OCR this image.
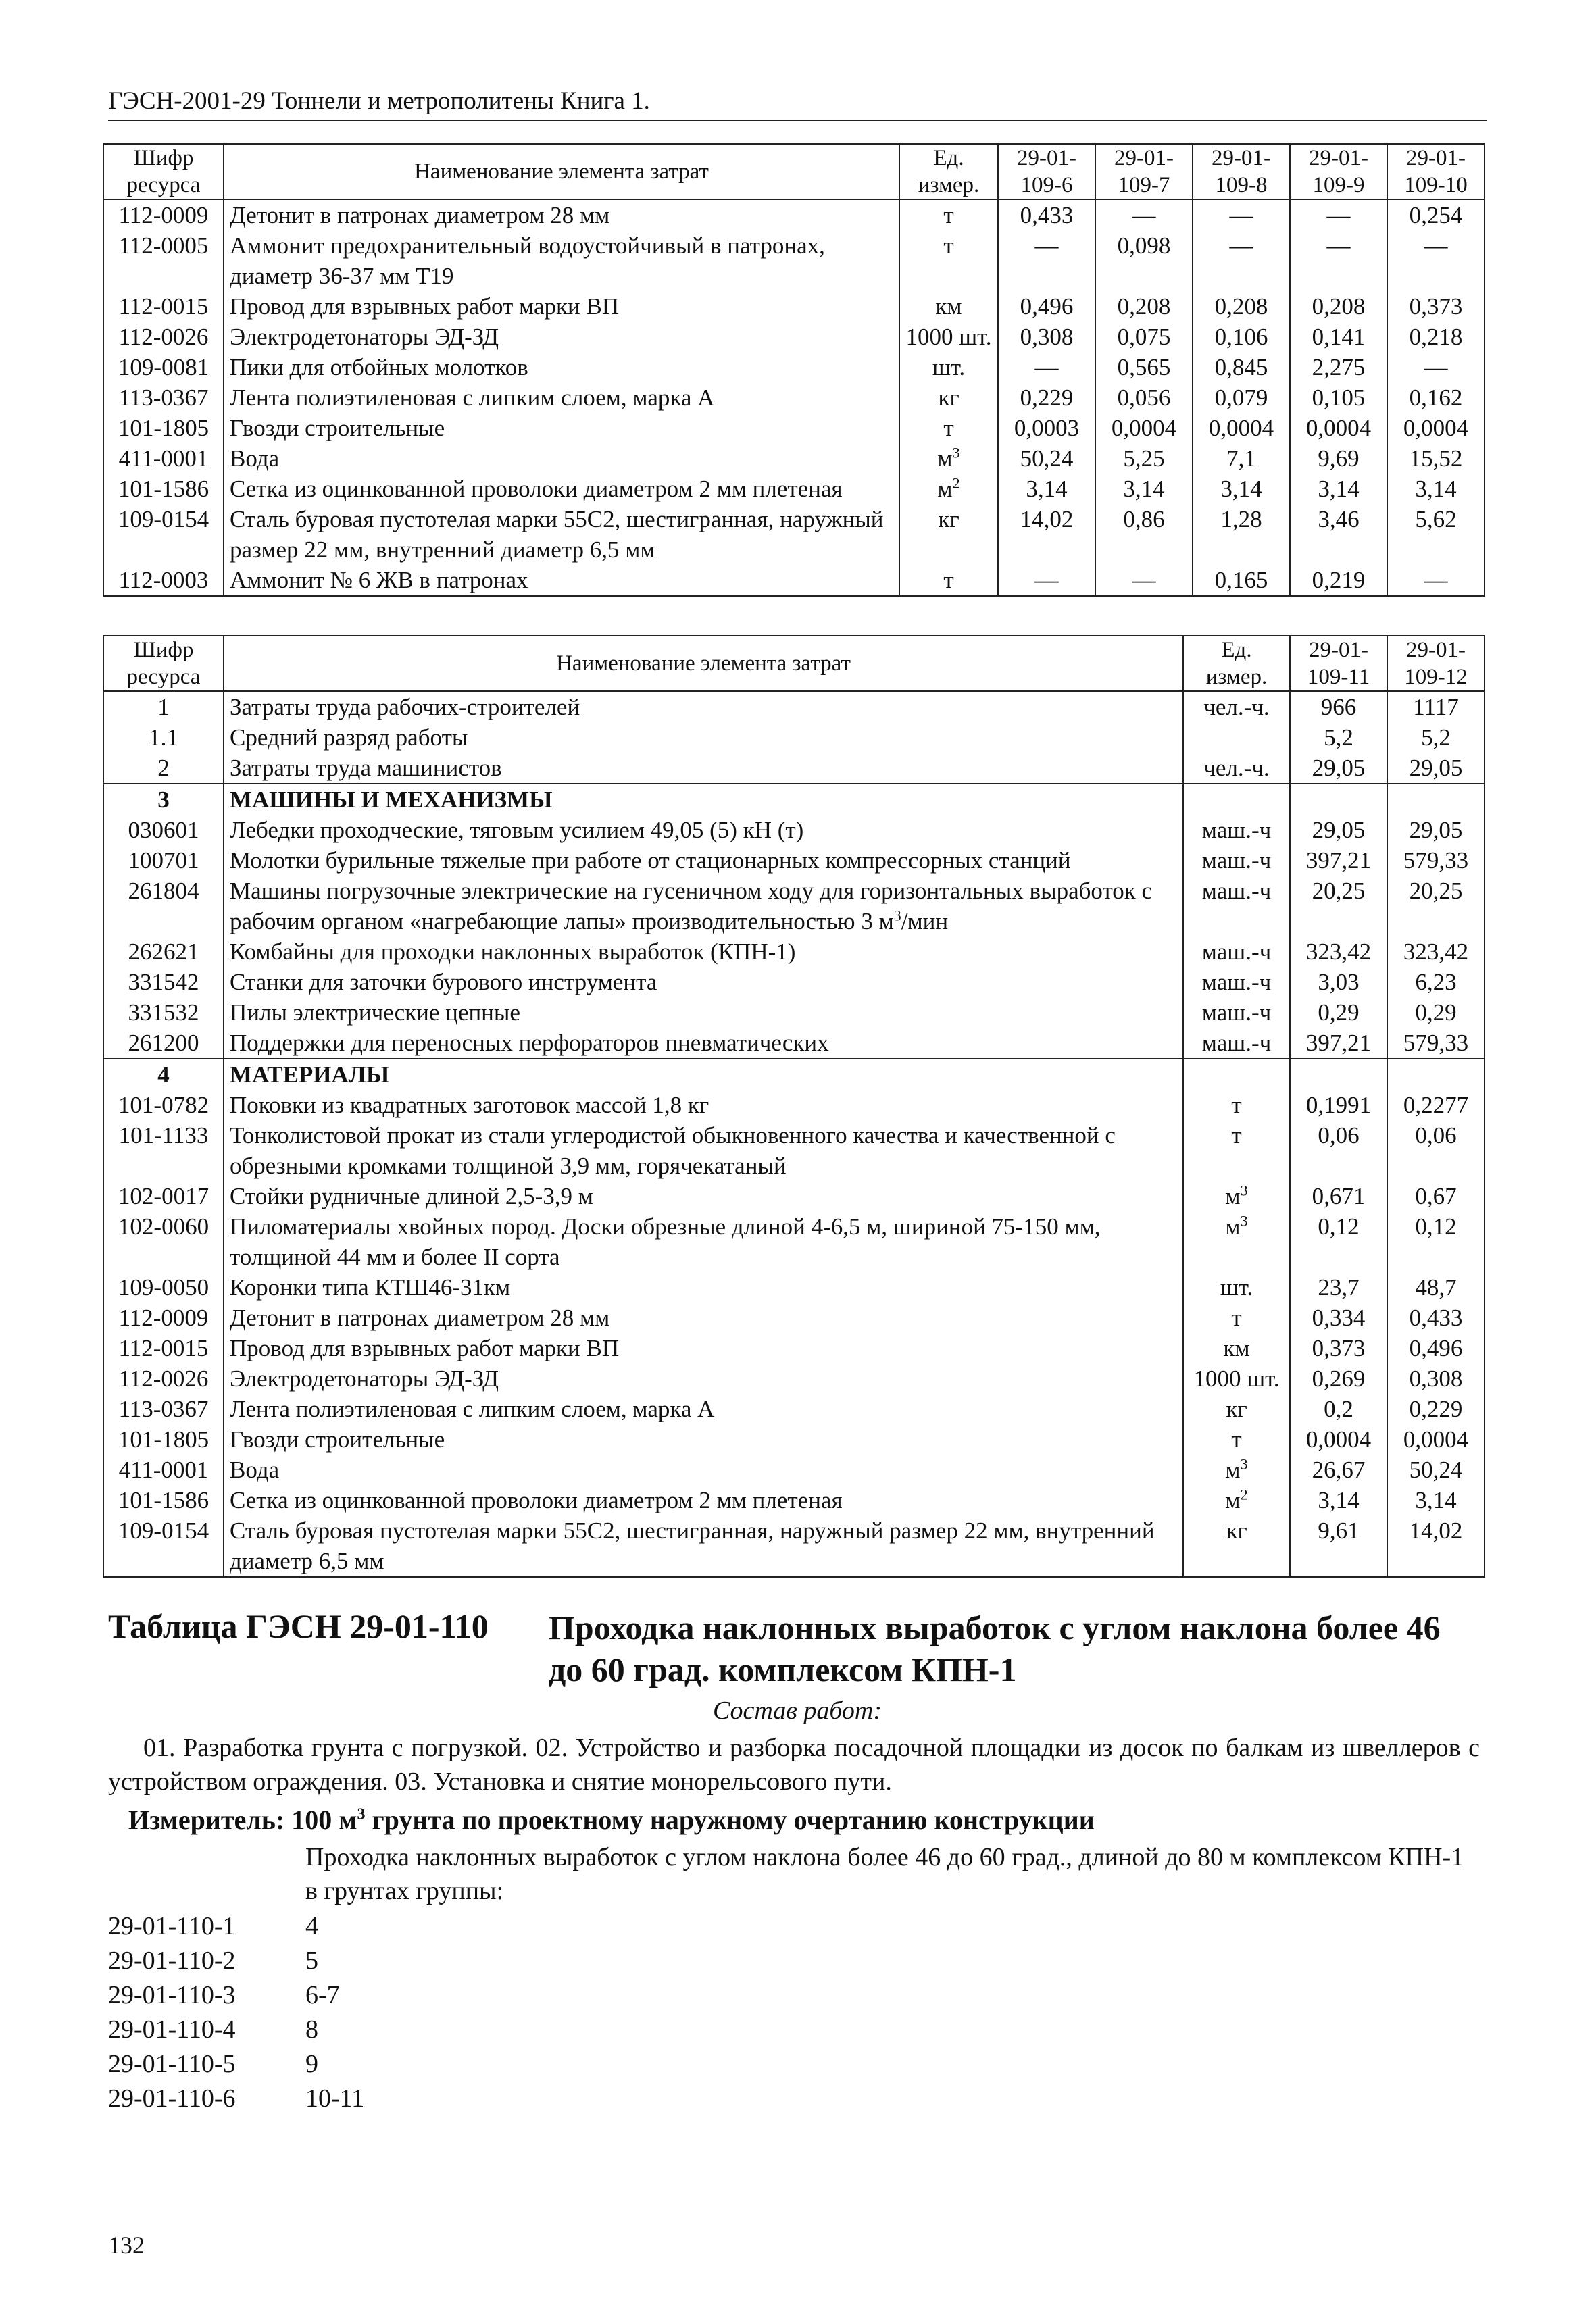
ГЭСН-2001-29 Тоннели и метрополитены Книга 1.
Шифр ресурса	Наименование элемента затрат	Ед. измер.	29-01-109-6	29-01-109-7	29-01-109-8	29-01-109-9	29-01-109-10
112-0009	Детонит в патронах диаметром 28 мм	т	0,433	—	—	—	0,254
112-0005	Аммонит предохранительный водоустойчивый в патронах, диаметр 36-37 мм Т19	т	—	0,098	—	—	—
112-0015	Провод для взрывных работ марки ВП	км	0,496	0,208	0,208	0,208	0,373
112-0026	Электродетонаторы ЭД-ЗД	1000 шт.	0,308	0,075	0,106	0,141	0,218
109-0081	Пики для отбойных молотков	шт.	—	0,565	0,845	2,275	—
113-0367	Лента полиэтиленовая с липким слоем, марка А	кг	0,229	0,056	0,079	0,105	0,162
101-1805	Гвозди строительные	т	0,0003	0,0004	0,0004	0,0004	0,0004
411-0001	Вода	$м^3$	50,24	5,25	7,1	9,69	15,52
101-1586	Сетка из оцинкованной проволоки диаметром 2 мм плетеная	$м^2$	3,14	3,14	3,14	3,14	3,14
109-0154	Сталь буровая пустотелая марки 55С2, шестигранная, наружный размер 22 мм, внутренний диаметр 6,5 мм	кг	14,02	0,86	1,28	3,46	5,62
112-0003	Аммонит № 6 ЖВ в патронах	т	—	—	0,165	0,219	—
Шифр ресурса	Наименование элемента затрат	Ед. измер.	29-01-109-11	29-01-109-12
1	Затраты труда рабочих-строителей	чел.-ч.	966	1117
1.1	Средний разряд работы		5,2	5,2
2	Затраты труда машинистов	чел.-ч.	29,05	29,05
3	МАШИНЫ И МЕХАНИЗМЫ			
030601	Лебедки проходческие, тяговым усилием 49,05 (5) кН (т)	маш.-ч	29,05	29,05
100701	Молотки бурильные тяжелые при работе от стационарных компрессорных станций	маш.-ч	397,21	579,33
261804	Машины погрузочные электрические на гусеничном ходу для горизонтальных выработок с рабочим органом «нагребающие лапы» производительностью 3 $м^3$/мин	маш.-ч	20,25	20,25
262621	Комбайны для проходки наклонных выработок (КПН-1)	маш.-ч	323,42	323,42
331542	Станки для заточки бурового инструмента	маш.-ч	3,03	6,23
331532	Пилы электрические цепные	маш.-ч	0,29	0,29
261200	Поддержки для переносных перфораторов пневматических	маш.-ч	397,21	579,33
4	МАТЕРИАЛЫ			
101-0782	Поковки из квадратных заготовок массой 1,8 кг	т	0,1991	0,2277
101-1133	Тонколистовой прокат из стали углеродистой обыкновенного качества и качественной с обрезными кромками толщиной 3,9 мм, горячекатаный	т	0,06	0,06
102-0017	Стойки рудничные длиной 2,5-3,9 м	$м^3$	0,671	0,67
102-0060	Пиломатериалы хвойных пород. Доски обрезные длиной 4-6,5 м, шириной 75-150 мм, толщиной 44 мм и более II сорта	$м^3$	0,12	0,12
109-0050	Коронки типа КТШ46-31км	шт.	23,7	48,7
112-0009	Детонит в патронах диаметром 28 мм	т	0,334	0,433
112-0015	Провод для взрывных работ марки ВП	км	0,373	0,496
112-0026	Электродетонаторы ЭД-ЗД	1000 шт.	0,269	0,308
113-0367	Лента полиэтиленовая с липким слоем, марка А	кг	0,2	0,229
101-1805	Гвозди строительные	т	0,0004	0,0004
411-0001	Вода	$м^3$	26,67	50,24
101-1586	Сетка из оцинкованной проволоки диаметром 2 мм плетеная	$м^2$	3,14	3,14
109-0154	Сталь буровая пустотелая марки 55С2, шестигранная, наружный размер 22 мм, внутренний диаметр 6,5 мм	кг	9,61	14,02
Таблица ГЭСН 29-01-110 Проходка наклонных выработок с углом наклона более 46 до 60 град. комплексом КПН-1
Состав работ:
01. Разработка грунта с погрузкой. 02. Устройство и разборка посадочной площадки из досок по балкам из швеллеров с устройством ограждения. 03. Установка и снятие монорельсового пути.
Измеритель: 100 $м^3$ грунта по проектному наружному очертанию конструкции
Проходка наклонных выработок с углом наклона более 46 до 60 град., длиной до 80 м комплексом КПН-1 в грунтах группы:
29-01-110-1	4
29-01-110-2	5
29-01-110-3	6-7
29-01-110-4	8
29-01-110-5	9
29-01-110-6	10-11
132
